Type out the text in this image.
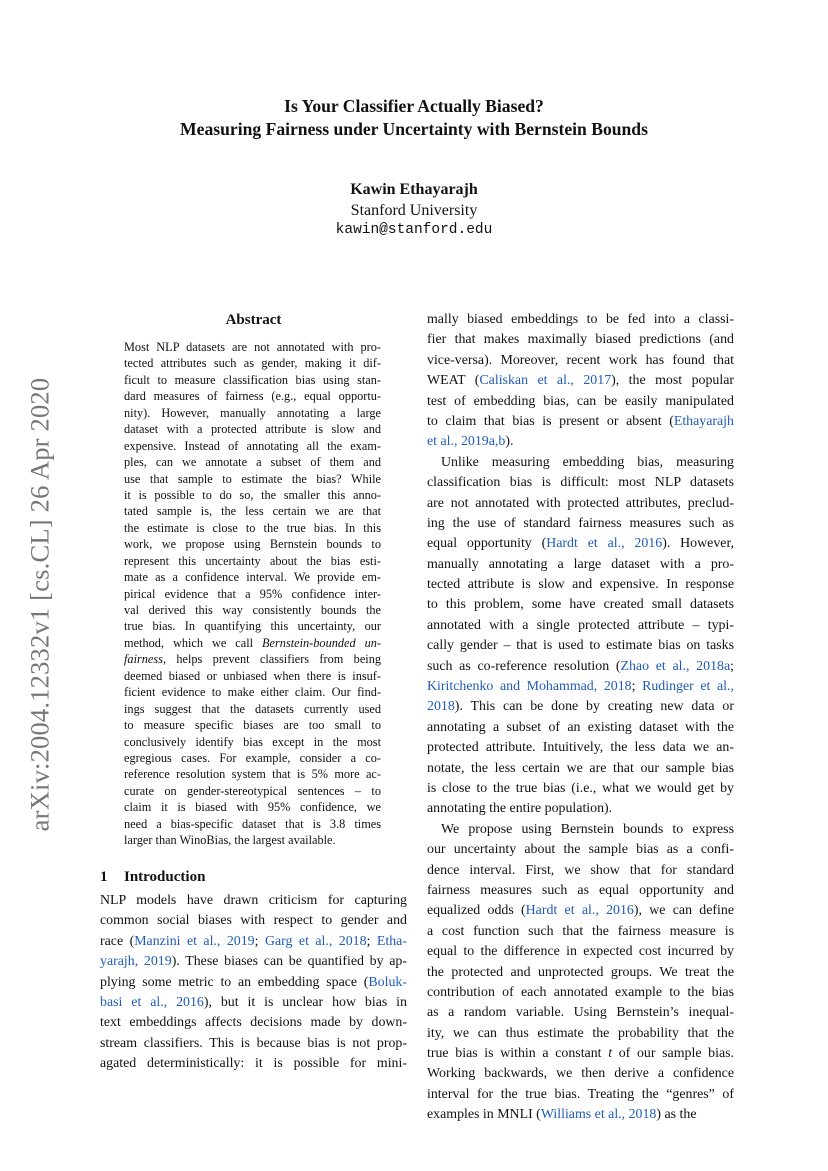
Is Your Classifier Actually Biased?
Measuring Fairness under Uncertainty with Bernstein Bounds
Kawin Ethayarajh
Stanford University
kawin@stanford.edu
arXiv:2004.12332v1 [cs.CL] 26 Apr 2020
Abstract
Most NLP datasets are not annotated with pro-
tected attributes such as gender, making it dif-
ficult to measure classification bias using stan-
dard measures of fairness (e.g., equal opportu-
nity). However, manually annotating a large
dataset with a protected attribute is slow and
expensive. Instead of annotating all the exam-
ples, can we annotate a subset of them and
use that sample to estimate the bias? While
it is possible to do so, the smaller this anno-
tated sample is, the less certain we are that
the estimate is close to the true bias. In this
work, we propose using Bernstein bounds to
represent this uncertainty about the bias esti-
mate as a confidence interval. We provide em-
pirical evidence that a 95% confidence inter-
val derived this way consistently bounds the
true bias. In quantifying this uncertainty, our
method, which we call Bernstein-bounded un-
fairness, helps prevent classifiers from being
deemed biased or unbiased when there is insuf-
ficient evidence to make either claim. Our find-
ings suggest that the datasets currently used
to measure specific biases are too small to
conclusively identify bias except in the most
egregious cases. For example, consider a co-
reference resolution system that is 5% more ac-
curate on gender-stereotypical sentences – to
claim it is biased with 95% confidence, we
need a bias-specific dataset that is 3.8 times
larger than WinoBias, the largest available.
1 Introduction
NLP models have drawn criticism for capturing
common social biases with respect to gender and
race (Manzini et al., 2019; Garg et al., 2018; Etha-
yarajh, 2019). These biases can be quantified by ap-
plying some metric to an embedding space (Boluk-
basi et al., 2016), but it is unclear how bias in
text embeddings affects decisions made by down-
stream classifiers. This is because bias is not prop-
agated deterministically: it is possible for mini-
mally biased embeddings to be fed into a classi-
fier that makes maximally biased predictions (and
vice-versa). Moreover, recent work has found that
WEAT (Caliskan et al., 2017), the most popular
test of embedding bias, can be easily manipulated
to claim that bias is present or absent (Ethayarajh
et al., 2019a,b).
Unlike measuring embedding bias, measuring
classification bias is difficult: most NLP datasets
are not annotated with protected attributes, preclud-
ing the use of standard fairness measures such as
equal opportunity (Hardt et al., 2016). However,
manually annotating a large dataset with a pro-
tected attribute is slow and expensive. In response
to this problem, some have created small datasets
annotated with a single protected attribute – typi-
cally gender – that is used to estimate bias on tasks
such as co-reference resolution (Zhao et al., 2018a;
Kiritchenko and Mohammad, 2018; Rudinger et al.,
2018). This can be done by creating new data or
annotating a subset of an existing dataset with the
protected attribute. Intuitively, the less data we an-
notate, the less certain we are that our sample bias
is close to the true bias (i.e., what we would get by
annotating the entire population).
We propose using Bernstein bounds to express
our uncertainty about the sample bias as a confi-
dence interval. First, we show that for standard
fairness measures such as equal opportunity and
equalized odds (Hardt et al., 2016), we can define
a cost function such that the fairness measure is
equal to the difference in expected cost incurred by
the protected and unprotected groups. We treat the
contribution of each annotated example to the bias
as a random variable. Using Bernstein’s inequal-
ity, we can thus estimate the probability that the
true bias is within a constant t of our sample bias.
Working backwards, we then derive a confidence
interval for the true bias. Treating the “genres” of
examples in MNLI (Williams et al., 2018) as the
